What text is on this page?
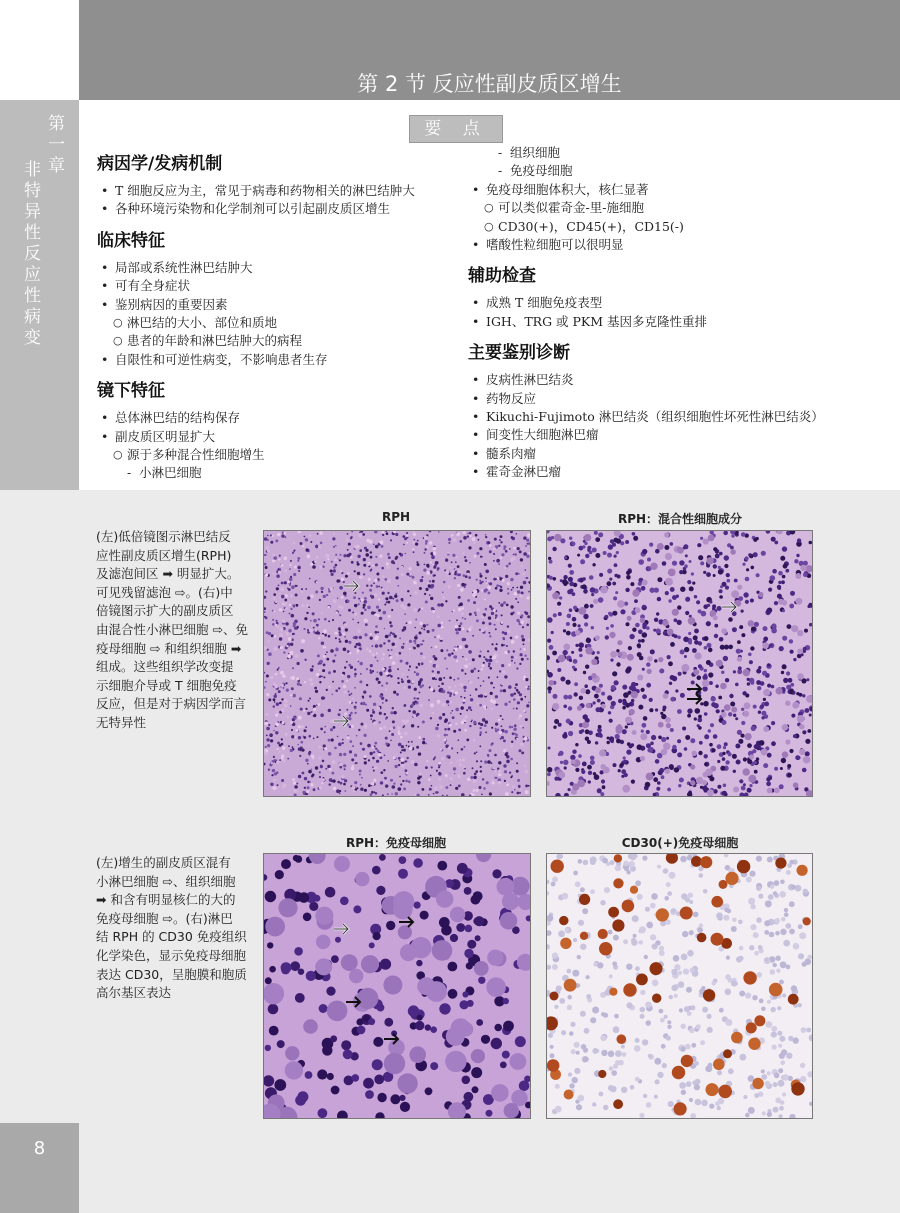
第一章
非特异性反应性病变
8
第 2 节 反应性副皮质区增生
要 点
病因学/发病机制
• T 细胞反应为主，常见于病毒和药物相关的淋巴结肿大
• 各种环境污染物和化学制剂可以引起副皮质区增生
临床特征
• 局部或系统性淋巴结肿大
• 可有全身症状
• 鉴别病因的重要因素
○ 淋巴结的大小、部位和质地
○ 患者的年龄和淋巴结肿大的病程
• 自限性和可逆性病变，不影响患者生存
镜下特征
• 总体淋巴结的结构保存
• 副皮质区明显扩大
○ 源于多种混合性细胞增生
- 小淋巴细胞
- 组织细胞
- 免疫母细胞
• 免疫母细胞体积大，核仁显著
○ 可以类似霍奇金-里-施细胞
○ CD30(+)，CD45(+)，CD15(-)
• 嗜酸性粒细胞可以很明显
辅助检查
• 成熟 T 细胞免疫表型
• IGH、TRG 或 PKM 基因多克隆性重排
主要鉴别诊断
• 皮病性淋巴结炎
• 药物反应
• Kikuchi-Fujimoto 淋巴结炎（组织细胞性坏死性淋巴结炎）
• 间变性大细胞淋巴瘤
• 髓系肉瘤
• 霍奇金淋巴瘤
(左)低倍镜图示淋巴结反
应性副皮质区增生(RPH)
及滤泡间区 ➡ 明显扩大。
可见残留滤泡 ⇨。(右)中
倍镜图示扩大的副皮质区
由混合性小淋巴细胞 ⇨、免
疫母细胞 ⇨ 和组织细胞 ➡
组成。这些组织学改变提
示细胞介导或 T 细胞免疫
反应，但是对于病因学而言
无特异性
(左)增生的副皮质区混有
小淋巴细胞 ⇨、组织细胞
➡ 和含有明显核仁的大的
免疫母细胞 ⇨。(右)淋巴
结 RPH 的 CD30 免疫组织
化学染色，显示免疫母细胞
表达 CD30，呈胞膜和胞质
高尔基区表达
RPH	RPH：混合性细胞成分
RPH：免疫母细胞	CD30(+)免疫母细胞
